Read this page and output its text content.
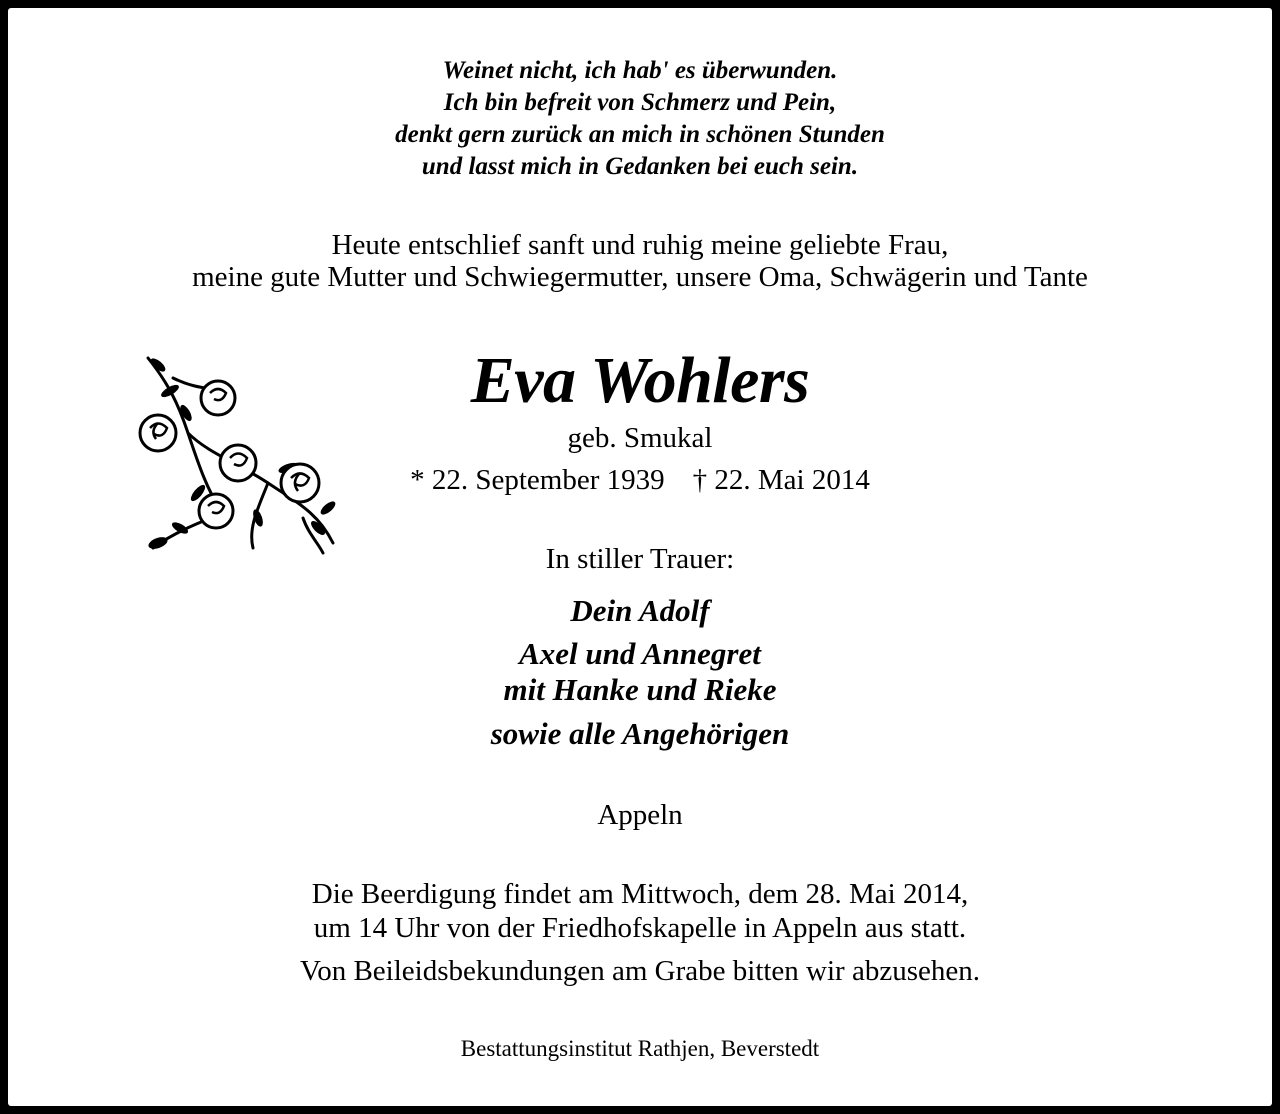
Weinet nicht, ich hab' es überwunden.
Ich bin befreit von Schmerz und Pein,
denkt gern zurück an mich in schönen Stunden
und lasst mich in Gedanken bei euch sein.
Heute entschlief sanft und ruhig meine geliebte Frau,
meine gute Mutter und Schwiegermutter, unsere Oma, Schwägerin und Tante
Eva Wohlers
geb. Smukal
* 22. September 1939 † 22. Mai 2014
In stiller Trauer:
Dein Adolf
Axel und Annegret
mit Hanke und Rieke
sowie alle Angehörigen
Appeln
Die Beerdigung findet am Mittwoch, dem 28. Mai 2014,
um 14 Uhr von der Friedhofskapelle in Appeln aus statt.
Von Beileidsbekundungen am Grabe bitten wir abzusehen.
Bestattungsinstitut Rathjen, Beverstedt
